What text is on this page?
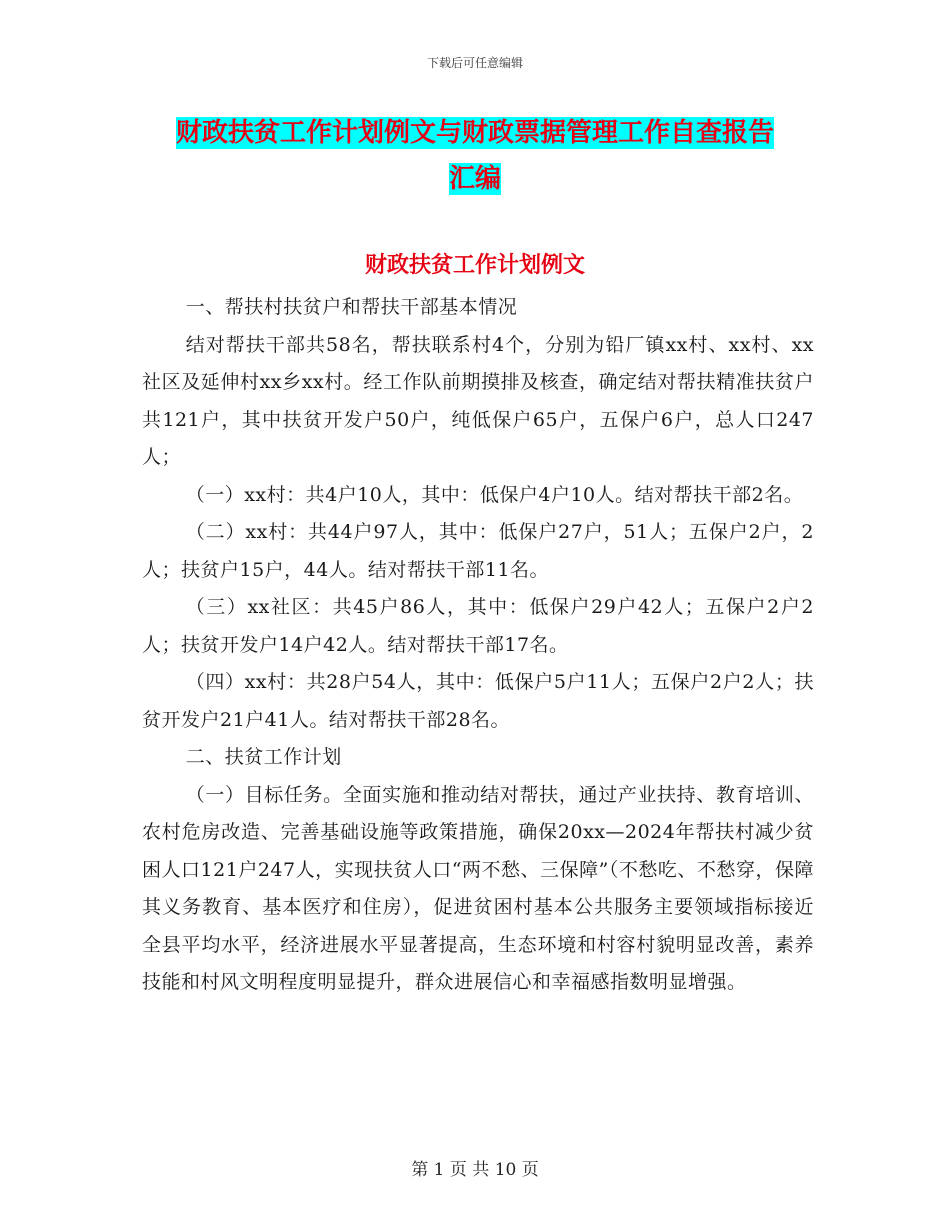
下载后可任意编辑
财政扶贫工作计划例文与财政票据管理工作自查报告
汇编
财政扶贫工作计划例文

一、帮扶村扶贫户和帮扶干部基本情况

结对帮扶干部共58名，帮扶联系村4个，分别为铅厂镇xx村、xx村、xx社区及延伸村xx乡xx村。经工作队前期摸排及核查，确定结对帮扶精准扶贫户共121户，其中扶贫开发户50户，纯低保户65户，五保户6户，总人口247人；

（一）xx村：共4户10人，其中：低保户4户10人。结对帮扶干部2名。

（二）xx村：共44户97人，其中：低保户27户，51人；五保户2户，2人；扶贫户15户，44人。结对帮扶干部11名。

（三）xx社区：共45户86人，其中：低保户29户42人；五保户2户2人；扶贫开发户14户42人。结对帮扶干部17名。

（四）xx村：共28户54人，其中：低保户5户11人；五保户2户2人；扶贫开发户21户41人。结对帮扶干部28名。

二、扶贫工作计划

（一）目标任务。全面实施和推动结对帮扶，通过产业扶持、教育培训、农村危房改造、完善基础设施等政策措施，确保20xx—2024年帮扶村减少贫困人口121户247人，实现扶贫人口“两不愁、三保障”（不愁吃、不愁穿，保障其义务教育、基本医疗和住房），促进贫困村基本公共服务主要领域指标接近全县平均水平，经济进展水平显著提高，生态环境和村容村貌明显改善，素养技能和村风文明程度明显提升，群众进展信心和幸福感指数明显增强。

第 1 页 共 10 页
